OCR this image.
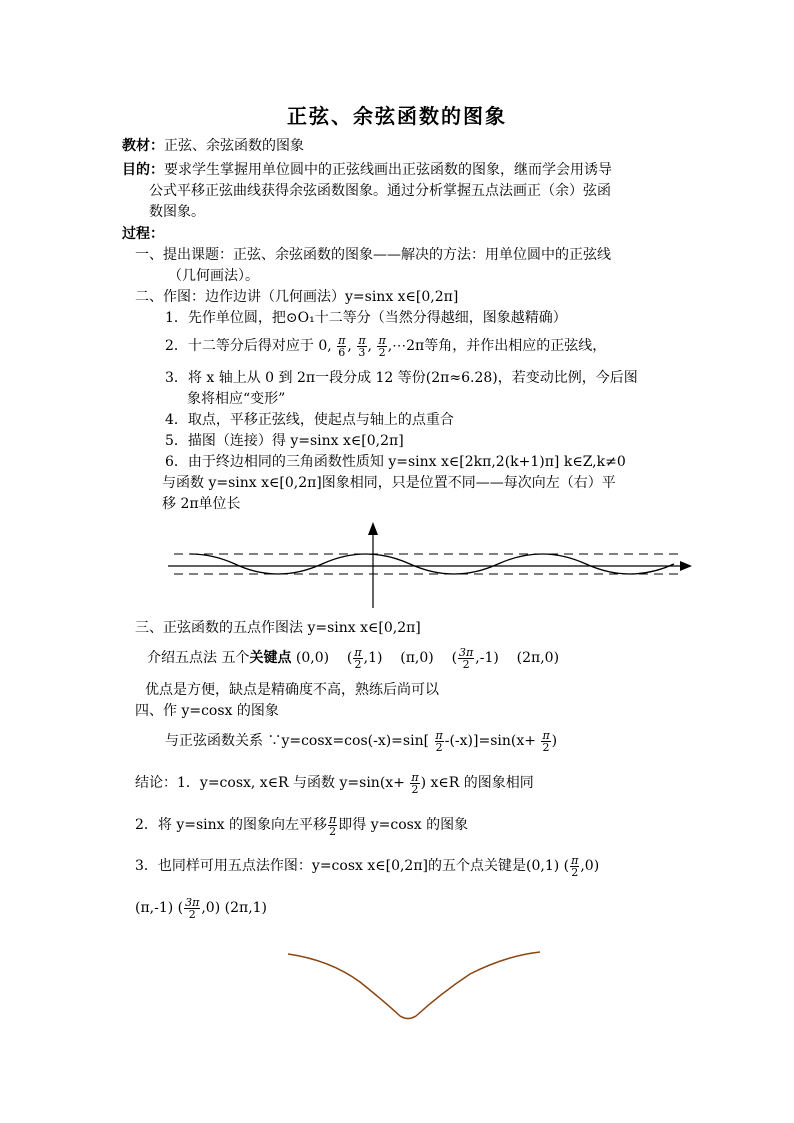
正弦、余弦函数的图象
教材：正弦、余弦函数的图象
目的：要求学生掌握用单位圆中的正弦线画出正弦函数的图象，继而学会用诱导
公式平移正弦曲线获得余弦函数图象。通过分析掌握五点法画正（余）弦函
数图象。
过程：
一、提出课题：正弦、余弦函数的图象——解决的方法：用单位圆中的正弦线
（几何画法）。
二、作图：边作边讲（几何画法）y=sinx x∈[0,2π]
1．先作单位圆，把⊙O₁十二等分（当然分得越细，图象越精确）
2．十二等分后得对应于 0, $\frac{\pi}{6}$ , $\frac{\pi}{3}$ , $\frac{\pi}{2}$ ,⋯2π等角，并作出相应的正弦线，
3．将 x 轴上从 0 到 2π一段分成 12 等份(2π≈6.28)，若变动比例，今后图
象将相应“变形”
4．取点，平移正弦线，使起点与轴上的点重合
5．描图（连接）得 y=sinx x∈[0,2π]
6．由于终边相同的三角函数性质知 y=sinx x∈[2kπ,2(k+1)π] k∈Z,k≠0
与函数 y=sinx x∈[0,2π]图象相同，只是位置不同——每次向左（右）平
移 2π单位长
三、正弦函数的五点作图法 y=sinx x∈[0,2π]
介绍五点法 五个关键点 (0,0) ( $\frac{\pi}{2} ,1$) (π,0) ( $\frac{3\pi}{2} ,-1$) (2π,0)
优点是方便，缺点是精确度不高，熟练后尚可以
四、作 y=cosx 的图象
与正弦函数关系 ∵y=cosx=cos(-x)=sin[ $\frac{\pi}{2} -(-x)]=\sin(x+ \frac{\pi}{2}$ )
结论：1．y=cosx, x∈R 与函数 $y=\sin(x+ \frac{\pi}{2}$ ) x∈R 的图象相同
2．将 y=sinx 的图象向左平移 $\frac{\pi}{2}$ 即得 y=cosx 的图象
3．也同样可用五点法作图：y=cosx x∈[0,2π]的五个点关键是(0,1) ( $\frac{\pi}{2} ,0$)
(π,-1) ( $\frac{3\pi}{2} ,0$) (2π,1)
